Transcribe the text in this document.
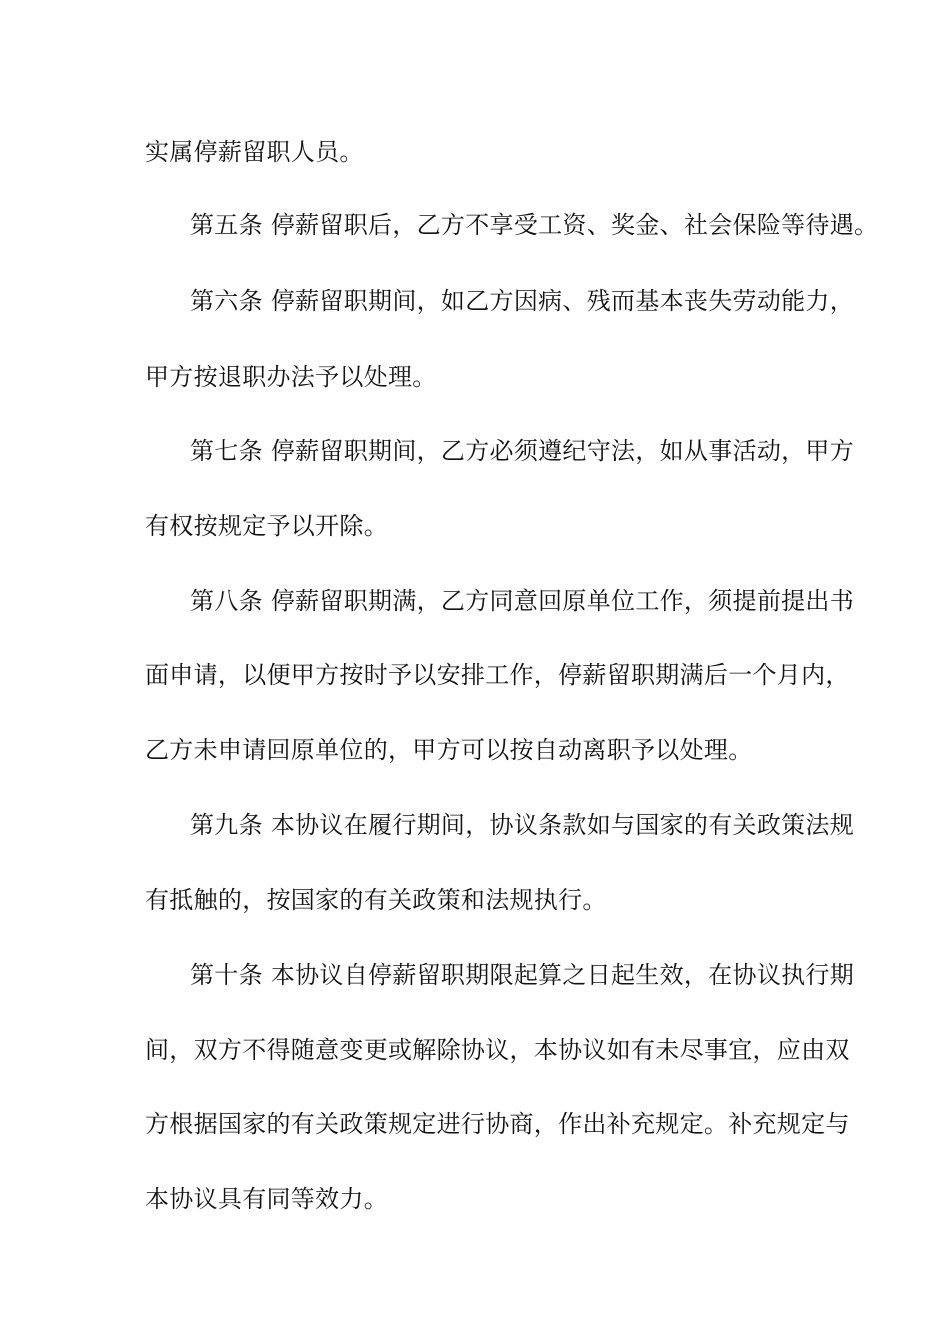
实属停薪留职人员。
第五条 停薪留职后，乙方不享受工资、奖金、社会保险等待遇。
第六条 停薪留职期间，如乙方因病、残而基本丧失劳动能力，
甲方按退职办法予以处理。
第七条 停薪留职期间，乙方必须遵纪守法，如从事活动，甲方
有权按规定予以开除。
第八条 停薪留职期满，乙方同意回原单位工作，须提前提出书
面申请，以便甲方按时予以安排工作，停薪留职期满后一个月内，
乙方未申请回原单位的，甲方可以按自动离职予以处理。
第九条 本协议在履行期间，协议条款如与国家的有关政策法规
有抵触的，按国家的有关政策和法规执行。
第十条 本协议自停薪留职期限起算之日起生效，在协议执行期
间，双方不得随意变更或解除协议，本协议如有未尽事宜，应由双
方根据国家的有关政策规定进行协商，作出补充规定。补充规定与
本协议具有同等效力。
